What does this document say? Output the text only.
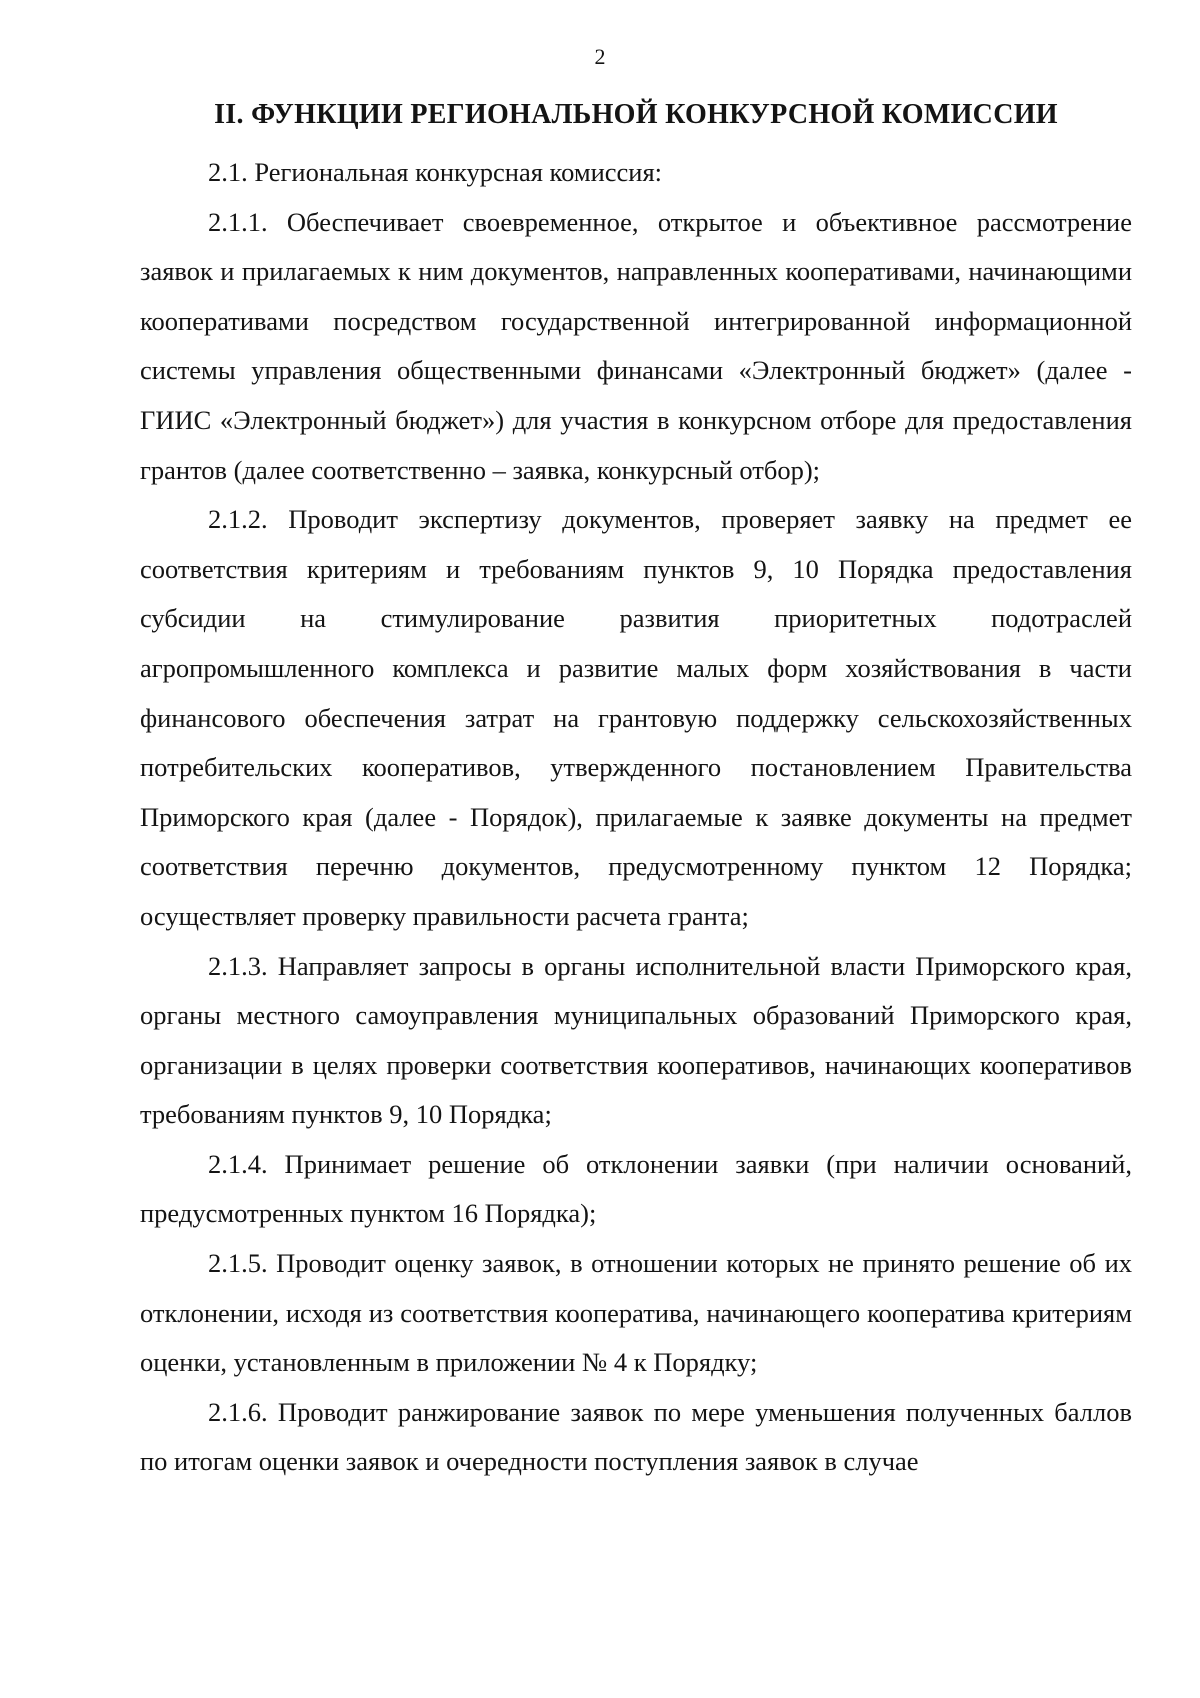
2
II. ФУНКЦИИ РЕГИОНАЛЬНОЙ КОНКУРСНОЙ КОМИССИИ

2.1. Региональная конкурсная комиссия:

2.1.1. Обеспечивает своевременное, открытое и объективное рассмотрение заявок и прилагаемых к ним документов, направленных кооперативами, начинающими кооперативами посредством государственной интегрированной информационной системы управления общественными финансами «Электронный бюджет» (далее - ГИИС «Электронный бюджет») для участия в конкурсном отборе для предоставления грантов (далее соответственно – заявка, конкурсный отбор);

2.1.2. Проводит экспертизу документов, проверяет заявку на предмет ее соответствия критериям и требованиям пунктов 9, 10 Порядка предоставления субсидии на стимулирование развития приоритетных подотраслей агропромышленного комплекса и развитие малых форм хозяйствования в части финансового обеспечения затрат на грантовую поддержку сельскохозяйственных потребительских кооперативов, утвержденного постановлением Правительства Приморского края (далее - Порядок), прилагаемые к заявке документы на предмет соответствия перечню документов, предусмотренному пунктом 12 Порядка; осуществляет проверку правильности расчета гранта;

2.1.3. Направляет запросы в органы исполнительной власти Приморского края, органы местного самоуправления муниципальных образований Приморского края, организации в целях проверки соответствия кооперативов, начинающих кооперативов требованиям пунктов 9, 10 Порядка;

2.1.4. Принимает решение об отклонении заявки (при наличии оснований, предусмотренных пунктом 16 Порядка);

2.1.5. Проводит оценку заявок, в отношении которых не принято решение об их отклонении, исходя из соответствия кооператива, начинающего кооператива критериям оценки, установленным в приложении № 4 к Порядку;

2.1.6. Проводит ранжирование заявок по мере уменьшения полученных баллов по итогам оценки заявок и очередности поступления заявок в случае
